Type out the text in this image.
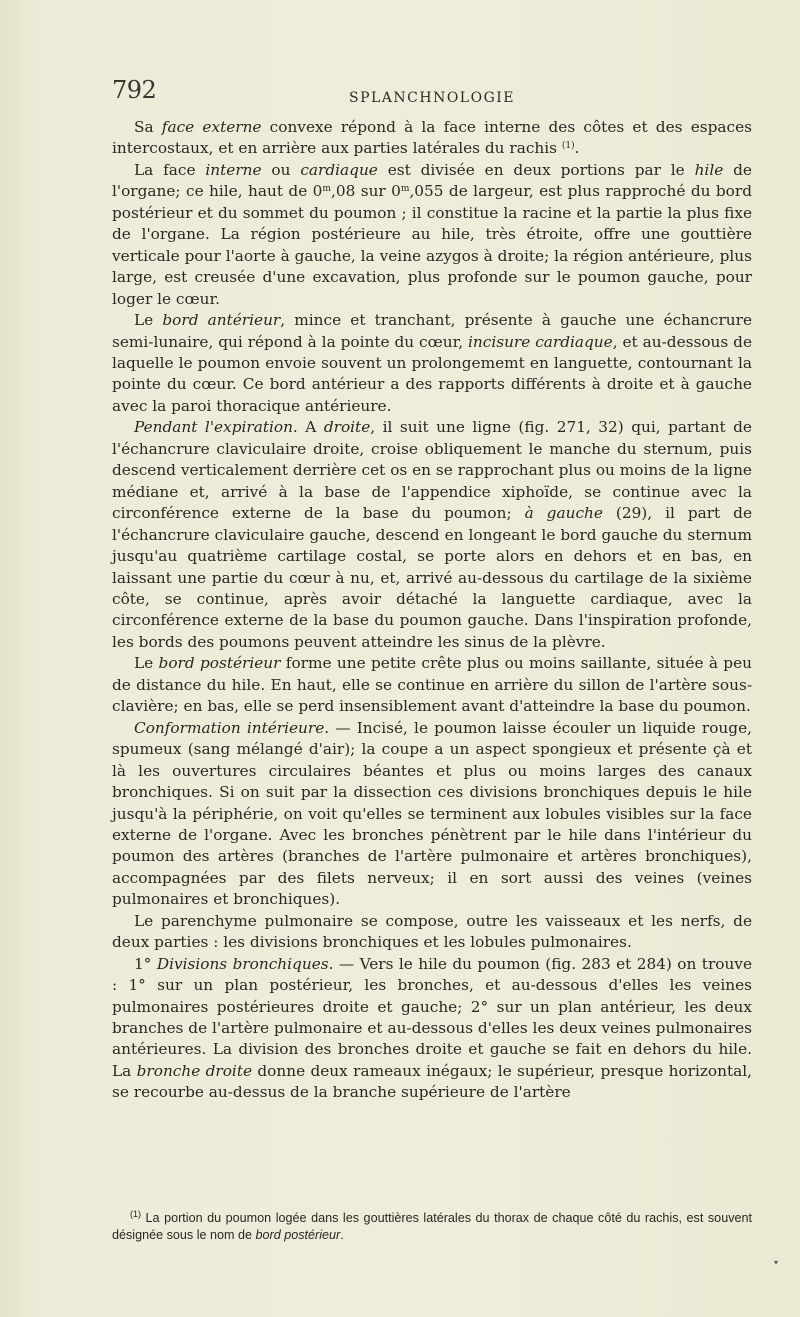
792	SPLANCHNOLOGIE

Sa face externe convexe répond à la face interne des côtes et des espaces intercostaux, et en arrière aux parties latérales du rachis $^{(1)}$.

La face interne ou cardiaque est divisée en deux portions par le hile de l'organe; ce hile, haut de 0$^m$,08 sur 0$^m$,055 de largeur, est plus rapproché du bord postérieur et du sommet du poumon ; il constitue la racine et la partie la plus fixe de l'organe. La région postérieure au hile, très étroite, offre une gouttière verticale pour l'aorte à gauche, la veine azygos à droite; la région antérieure, plus large, est creusée d'une excavation, plus profonde sur le poumon gauche, pour loger le cœur.

Le bord antérieur, mince et tranchant, présente à gauche une échancrure semi-lunaire, qui répond à la pointe du cœur, incisure cardiaque, et au-dessous de laquelle le poumon envoie souvent un prolongememt en languette, contournant la pointe du cœur. Ce bord antérieur a des rapports différents à droite et à gauche avec la paroi thoracique antérieure.

Pendant l'expiration. A droite, il suit une ligne (fig. 271, 32) qui, partant de l'échancrure claviculaire droite, croise obliquement le manche du sternum, puis descend verticalement derrière cet os en se rapprochant plus ou moins de la ligne médiane et, arrivé à la base de l'appendice xiphoïde, se continue avec la circonférence externe de la base du poumon; à gauche (29), il part de l'échancrure claviculaire gauche, descend en longeant le bord gauche du sternum jusqu'au quatrième cartilage costal, se porte alors en dehors et en bas, en laissant une partie du cœur à nu, et, arrivé au-dessous du cartilage de la sixième côte, se continue, après avoir détaché la languette cardiaque, avec la circonférence externe de la base du poumon gauche. Dans l'inspiration profonde, les bords des poumons peuvent atteindre les sinus de la plèvre.

Le bord postérieur forme une petite crête plus ou moins saillante, située à peu de distance du hile. En haut, elle se continue en arrière du sillon de l'artère sous-clavière; en bas, elle se perd insensiblement avant d'atteindre la base du poumon.

Conformation intérieure. — Incisé, le poumon laisse écouler un liquide rouge, spumeux (sang mélangé d'air); la coupe a un aspect spongieux et présente çà et là les ouvertures circulaires béantes et plus ou moins larges des canaux bronchiques. Si on suit par la dissection ces divisions bronchiques depuis le hile jusqu'à la périphérie, on voit qu'elles se terminent aux lobules visibles sur la face externe de l'organe. Avec les bronches pénètrent par le hile dans l'intérieur du poumon des artères (branches de l'artère pulmonaire et artères bronchiques), accompagnées par des filets nerveux; il en sort aussi des veines (veines pulmonaires et bronchiques).

Le parenchyme pulmonaire se compose, outre les vaisseaux et les nerfs, de deux parties : les divisions bronchiques et les lobules pulmonaires.

1° Divisions bronchiques. — Vers le hile du poumon (fig. 283 et 284) on trouve : 1° sur un plan postérieur, les bronches, et au-dessous d'elles les veines pulmonaires postérieures droite et gauche; 2° sur un plan antérieur, les deux branches de l'artère pulmonaire et au-dessous d'elles les deux veines pulmonaires antérieures. La division des bronches droite et gauche se fait en dehors du hile. La bronche droite donne deux rameaux inégaux; le supérieur, presque horizontal, se recourbe au-dessus de la branche supérieure de l'artère

$^{(1)}$ La portion du poumon logée dans les gouttières latérales du thorax de chaque côté du rachis, est souvent désignée sous le nom de bord postérieur.

▾
